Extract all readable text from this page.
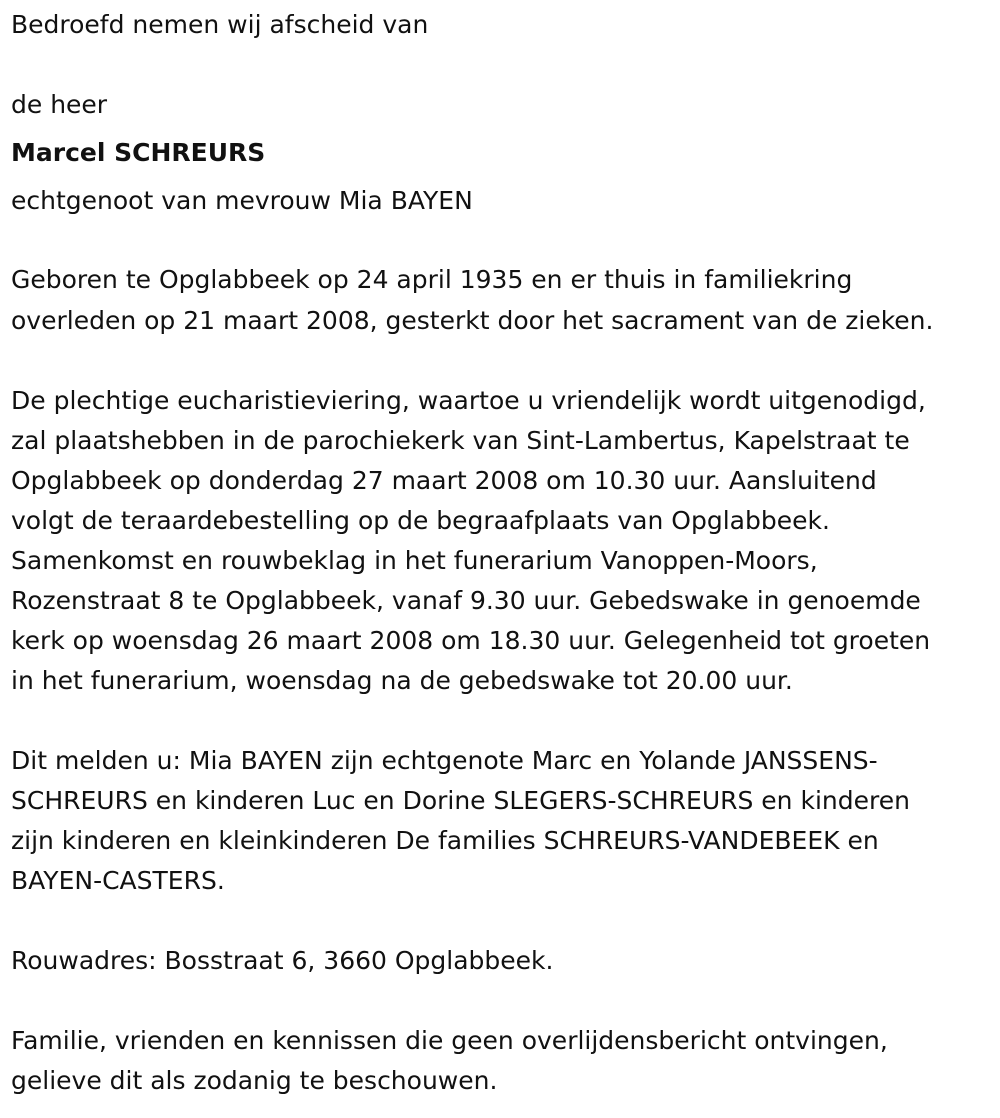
Bedroefd nemen wij afscheid van
de heer
Marcel SCHREURS
echtgenoot van mevrouw Mia BAYEN
Geboren te Opglabbeek op 24 april 1935 en er thuis in familiekring
overleden op 21 maart 2008, gesterkt door het sacrament van de zieken.
De plechtige eucharistieviering, waartoe u vriendelijk wordt uitgenodigd,
zal plaatshebben in de parochiekerk van Sint-Lambertus, Kapelstraat te
Opglabbeek op donderdag 27 maart 2008 om 10.30 uur. Aansluitend
volgt de teraardebestelling op de begraafplaats van Opglabbeek.
Samenkomst en rouwbeklag in het funerarium Vanoppen-Moors,
Rozenstraat 8 te Opglabbeek, vanaf 9.30 uur. Gebedswake in genoemde
kerk op woensdag 26 maart 2008 om 18.30 uur. Gelegenheid tot groeten
in het funerarium, woensdag na de gebedswake tot 20.00 uur.
Dit melden u: Mia BAYEN zijn echtgenote Marc en Yolande JANSSENS-
SCHREURS en kinderen Luc en Dorine SLEGERS-SCHREURS en kinderen
zijn kinderen en kleinkinderen De families SCHREURS-VANDEBEEK en
BAYEN-CASTERS.
Rouwadres: Bosstraat 6, 3660 Opglabbeek.
Familie, vrienden en kennissen die geen overlijdensbericht ontvingen,
gelieve dit als zodanig te beschouwen.
